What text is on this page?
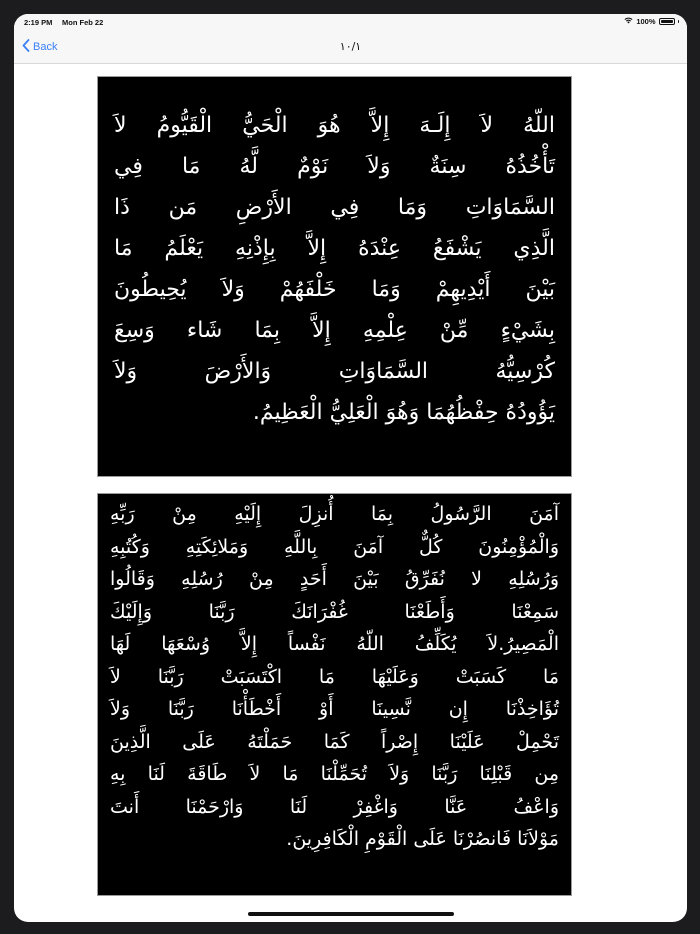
2:19 PM Mon Feb 22	100%
Back	١٠/١

اللّهُ لاَ إِلَـهَ إِلاَّ هُوَ الْحَيُّ الْقَيُّومُ لاَ

تَأْخُذُهُ سِنَةٌ وَلاَ نَوْمٌ لَّهُ مَا فِي

السَّمَاوَاتِ وَمَا فِي الأَرْضِ مَن ذَا

الَّذِي يَشْفَعُ عِنْدَهُ إِلاَّ بِإِذْنِهِ يَعْلَمُ مَا

بَيْنَ أَيْدِيهِمْ وَمَا خَلْفَهُمْ وَلاَ يُحِيطُونَ

بِشَيْءٍ مِّنْ عِلْمِهِ إِلاَّ بِمَا شَاء وَسِعَ

كُرْسِيُّهُ السَّمَاوَاتِ وَالأَرْضَ وَلاَ

يَؤُودُهُ حِفْظُهُمَا وَهُوَ الْعَلِيُّ الْعَظِيمُ.

آمَنَ الرَّسُولُ بِمَا أُنزِلَ إِلَيْهِ مِنْ رَبِّهِ

وَالْمُؤْمِنُونَ كُلٌّ آمَنَ بِاللَّهِ وَمَلائِكَتِهِ وَكُتُبِهِ

وَرُسُلِهِ لا نُفَرِّقُ بَيْنَ أَحَدٍ مِنْ رُسُلِهِ وَقَالُوا

سَمِعْنَا وَأَطَعْنَا غُفْرَانَكَ رَبَّنَا وَإِلَيْكَ

الْمَصِيرُ.لاَ يُكَلِّفُ اللّهُ نَفْساً إِلاَّ وُسْعَهَا لَهَا

مَا كَسَبَتْ وَعَلَيْهَا مَا اكْتَسَبَتْ رَبَّنَا لاَ

تُؤَاخِذْنَا إِن نَّسِينَا أَوْ أَخْطَأْنَا رَبَّنَا وَلاَ

تَحْمِلْ عَلَيْنَا إِصْراً كَمَا حَمَلْتَهُ عَلَى الَّذِينَ

مِن قَبْلِنَا رَبَّنَا وَلاَ تُحَمِّلْنَا مَا لاَ طَاقَةَ لَنَا بِهِ

وَاعْفُ عَنَّا وَاغْفِرْ لَنَا وَارْحَمْنَا أَنتَ

مَوْلاَنَا فَانصُرْنَا عَلَى الْقَوْمِ الْكَافِرِينَ.
